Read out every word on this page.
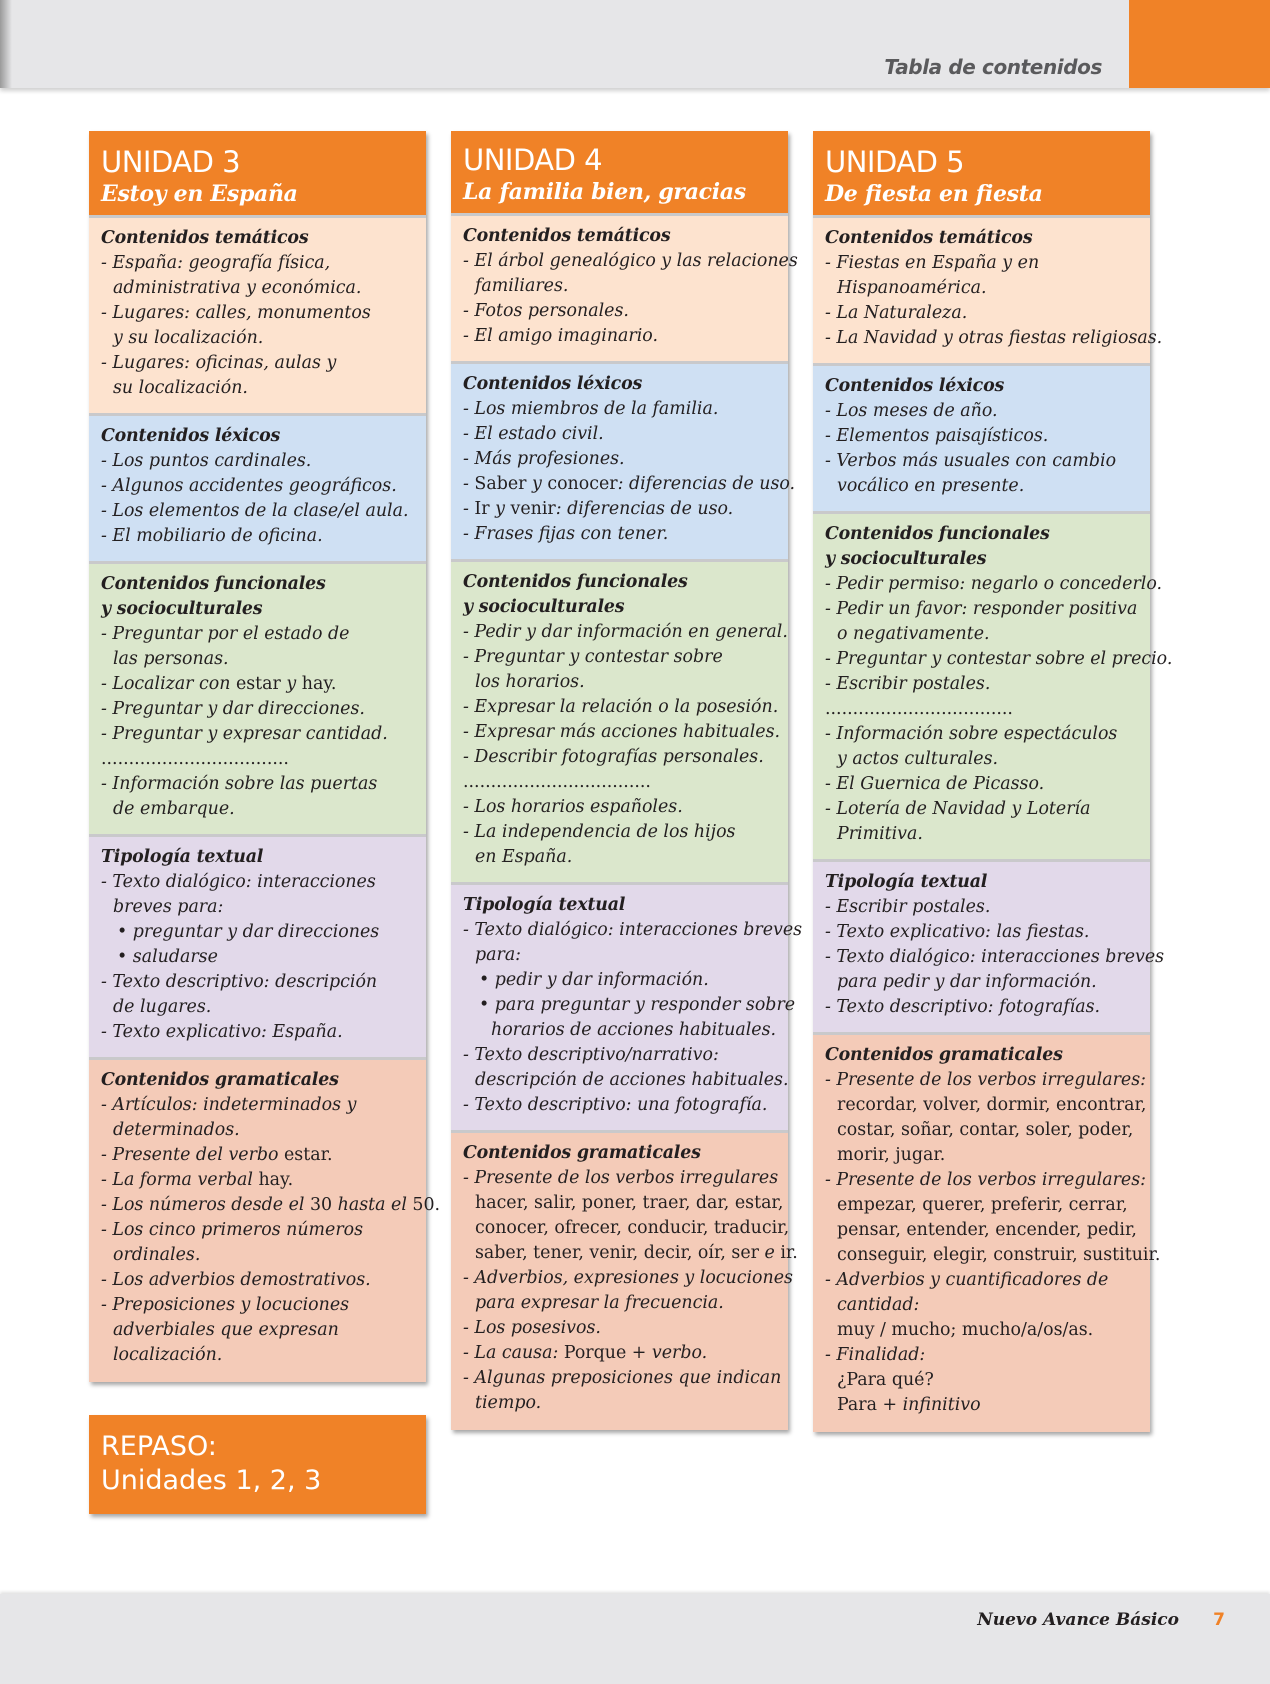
Tabla de contenidos
UNIDAD 3
Estoy en España
Contenidos temáticos
- España: geografía física,
administrativa y económica.
- Lugares: calles, monumentos
y su localización.
- Lugares: oficinas, aulas y
su localización.
Contenidos léxicos
- Los puntos cardinales.
- Algunos accidentes geográficos.
- Los elementos de la clase/el aula.
- El mobiliario de oficina.
Contenidos funcionales
y socioculturales
- Preguntar por el estado de
las personas.
- Localizar con estar y hay.
- Preguntar y dar direcciones.
- Preguntar y expresar cantidad.
..................................
- Información sobre las puertas
de embarque.
Tipología textual
- Texto dialógico: interacciones
breves para:
• preguntar y dar direcciones
• saludarse
- Texto descriptivo: descripción
de lugares.
- Texto explicativo: España.
Contenidos gramaticales
- Artículos: indeterminados y
determinados.
- Presente del verbo estar.
- La forma verbal hay.
- Los números desde el 30 hasta el 50.
- Los cinco primeros números
ordinales.
- Los adverbios demostrativos.
- Preposiciones y locuciones
adverbiales que expresan
localización.
UNIDAD 4
La familia bien, gracias
Contenidos temáticos
- El árbol genealógico y las relaciones
familiares.
- Fotos personales.
- El amigo imaginario.
Contenidos léxicos
- Los miembros de la familia.
- El estado civil.
- Más profesiones.
- Saber y conocer: diferencias de uso.
- Ir y venir: diferencias de uso.
- Frases fijas con tener.
Contenidos funcionales
y socioculturales
- Pedir y dar información en general.
- Preguntar y contestar sobre
los horarios.
- Expresar la relación o la posesión.
- Expresar más acciones habituales.
- Describir fotografías personales.
..................................
- Los horarios españoles.
- La independencia de los hijos
en España.
Tipología textual
- Texto dialógico: interacciones breves
para:
• pedir y dar información.
• para preguntar y responder sobre
horarios de acciones habituales.
- Texto descriptivo/narrativo:
descripción de acciones habituales.
- Texto descriptivo: una fotografía.
Contenidos gramaticales
- Presente de los verbos irregulares
hacer, salir, poner, traer, dar, estar,
conocer, ofrecer, conducir, traducir,
saber, tener, venir, decir, oír, ser e ir.
- Adverbios, expresiones y locuciones
para expresar la frecuencia.
- Los posesivos.
- La causa: Porque + verbo.
- Algunas preposiciones que indican
tiempo.
UNIDAD 5
De fiesta en fiesta
Contenidos temáticos
- Fiestas en España y en
Hispanoamérica.
- La Naturaleza.
- La Navidad y otras fiestas religiosas.
Contenidos léxicos
- Los meses de año.
- Elementos paisajísticos.
- Verbos más usuales con cambio
vocálico en presente.
Contenidos funcionales
y socioculturales
- Pedir permiso: negarlo o concederlo.
- Pedir un favor: responder positiva
o negativamente.
- Preguntar y contestar sobre el precio.
- Escribir postales.
..................................
- Información sobre espectáculos
y actos culturales.
- El Guernica de Picasso.
- Lotería de Navidad y Lotería
Primitiva.
Tipología textual
- Escribir postales.
- Texto explicativo: las fiestas.
- Texto dialógico: interacciones breves
para pedir y dar información.
- Texto descriptivo: fotografías.
Contenidos gramaticales
- Presente de los verbos irregulares:
recordar, volver, dormir, encontrar,
costar, soñar, contar, soler, poder,
morir, jugar.
- Presente de los verbos irregulares:
empezar, querer, preferir, cerrar,
pensar, entender, encender, pedir,
conseguir, elegir, construir, sustituir.
- Adverbios y cuantificadores de
cantidad:
muy / mucho; mucho/a/os/as.
- Finalidad:
¿Para qué?
Para + infinitivo
REPASO:
Unidades 1, 2, 3
Nuevo Avance Básico 7
